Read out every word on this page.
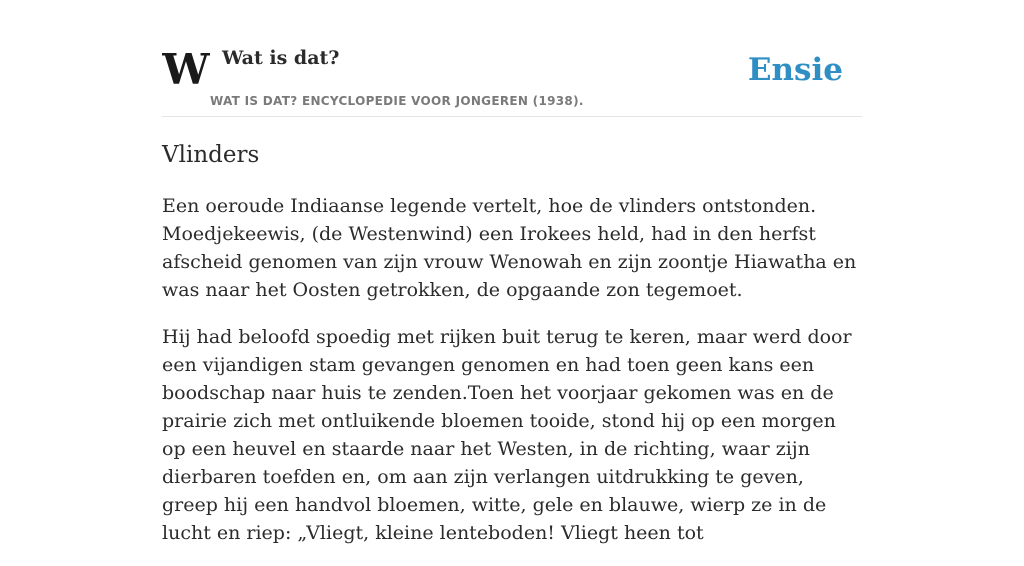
W Wat is dat?
WAT IS DAT? ENCYCLOPEDIE VOOR JONGEREN (1938).
Ensie
Vlinders

Een oeroude Indiaanse legende vertelt, hoe de vlinders ontstonden. Moedjekeewis, (de Westenwind) een Irokees held, had in den herfst afscheid genomen van zijn vrouw Wenowah en zijn zoontje Hiawatha en was naar het Oosten getrokken, de opgaande zon tegemoet.

Hij had beloofd spoedig met rijken buit terug te keren, maar werd door een vijandigen stam gevangen genomen en had toen geen kans een boodschap naar huis te zenden.Toen het voorjaar gekomen was en de prairie zich met ontluikende bloemen tooide, stond hij op een morgen op een heuvel en staarde naar het Westen, in de richting, waar zijn dierbaren toefden en, om aan zijn verlangen uitdrukking te geven, greep hij een handvol bloemen, witte, gele en blauwe, wierp ze in de lucht en riep: „Vliegt, kleine lenteboden! Vliegt heen tot
